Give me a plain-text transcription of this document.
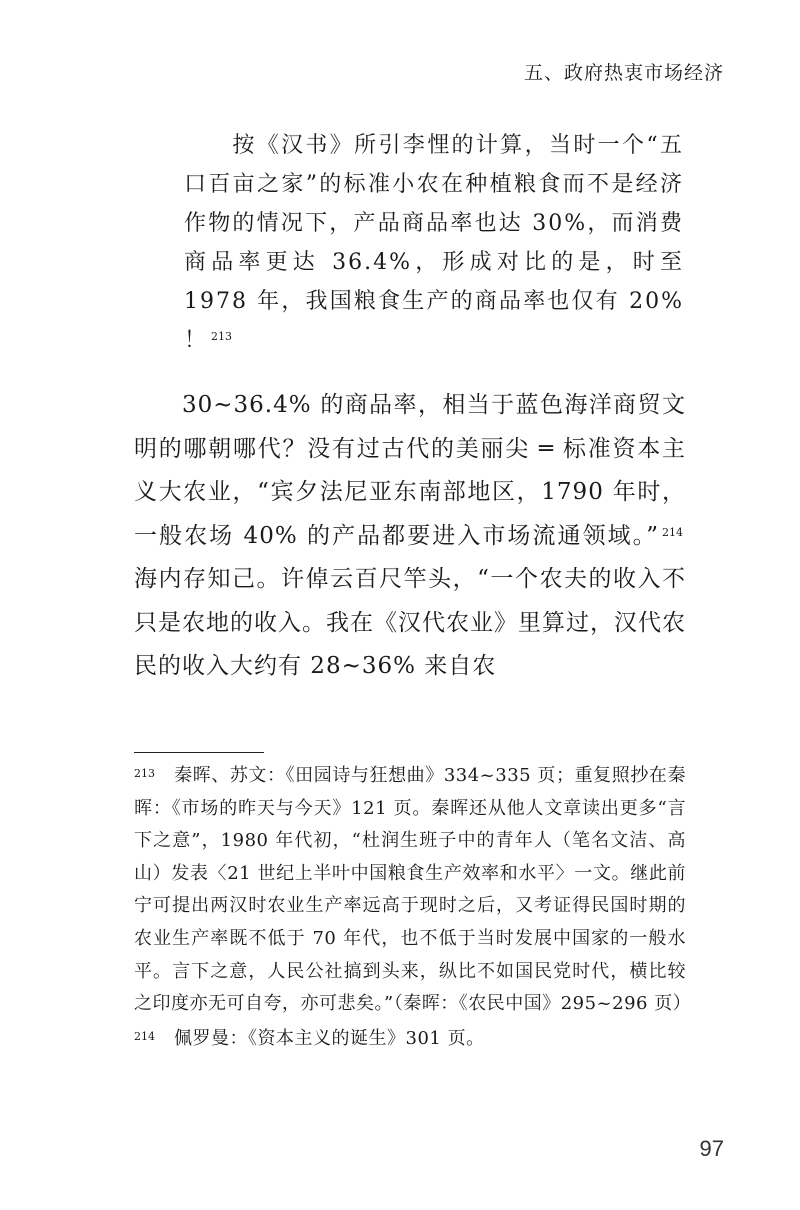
五、政府热衷市场经济
按《汉书》所引李悝的计算，当时一个“五口百亩之家”的标准小农在种植粮食而不是经济作物的情况下，产品商品率也达 30%，而消费商品率更达 36.4%，形成对比的是，时至 1978 年，我国粮食生产的商品率也仅有 20% ！ $^{213}$
30~36.4% 的商品率，相当于蓝色海洋商贸文明的哪朝哪代？没有过古代的美丽尖 ═ 标准资本主义大农业，“宾夕法尼亚东南部地区，1790 年时，一般农场 40% 的产品都要进入市场流通领域。” $^{214}$海内存知己。许倬云百尺竿头，“一个农夫的收入不只是农地的收入。我在《汉代农业》里算过，汉代农民的收入大约有 28~36% 来自农
213 秦晖、苏文：《田园诗与狂想曲》334~335 页；重复照抄在秦晖：《市场的昨天与今天》121 页。秦晖还从他人文章读出更多“言下之意”，1980 年代初，“杜润生班子中的青年人（笔名文洁、高山）发表〈21 世纪上半叶中国粮食生产效率和水平〉一文。继此前宁可提出两汉时农业生产率远高于现时之后，又考证得民国时期的农业生产率既不低于 70 年代，也不低于当时发展中国家的一般水平。言下之意，人民公社搞到头来，纵比不如国民党时代，横比较之印度亦无可自夸，亦可悲矣。”（秦晖：《农民中国》295~296 页）
214 佩罗曼：《资本主义的诞生》301 页。
97
